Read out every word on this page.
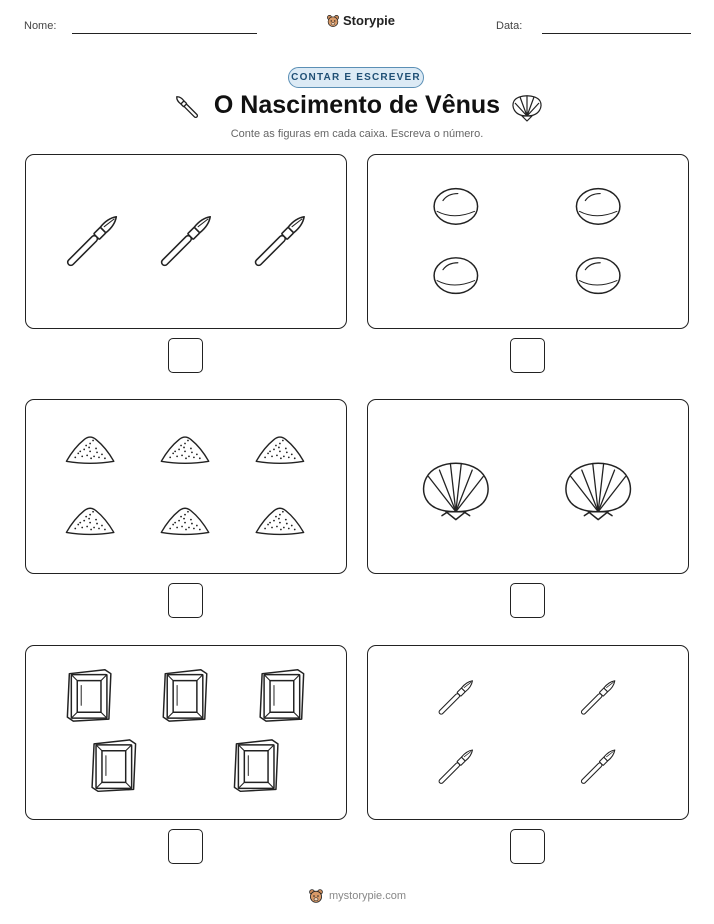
Nome:	Storypie	Data:
CONTAR E ESCREVER
O Nascimento de Vênus
Conte as figuras em cada caixa. Escreva o número.
mystorypie.com
